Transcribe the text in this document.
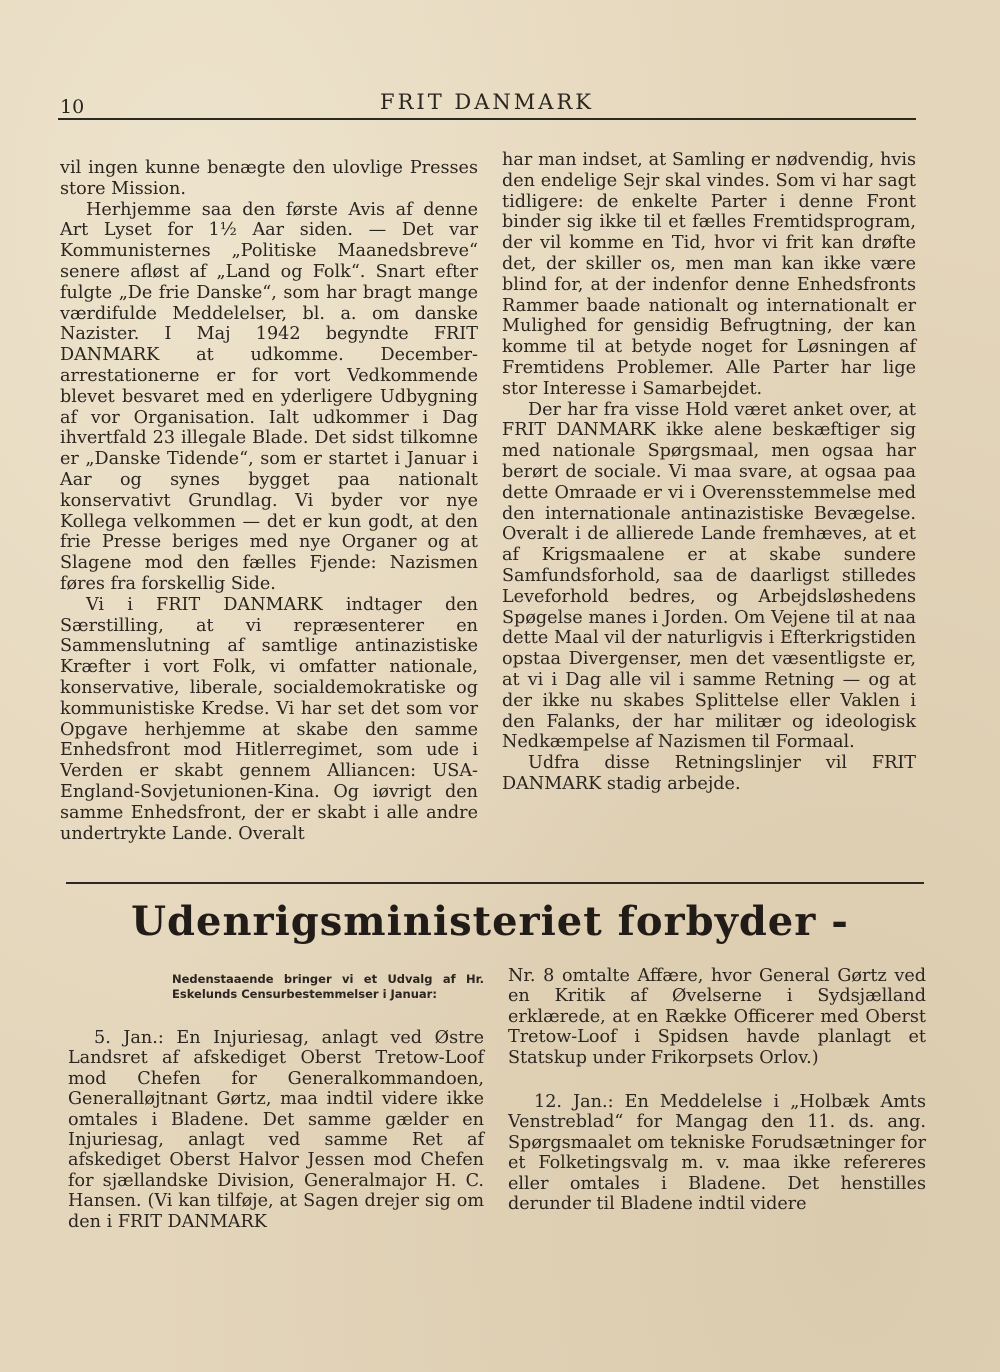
10	FRIT DANMARK

vil ingen kunne benægte den ulovlige Presses store Mission.

Herhjemme saa den første Avis af denne Art Lyset for 1½ Aar siden. — Det var Kommunisternes „Politiske Maanedsbreve“ senere afløst af „Land og Folk“. Snart efter fulgte „De frie Danske“, som har bragt mange værdifulde Meddelelser, bl. a. om danske Nazister. I Maj 1942 begyndte FRIT DANMARK at udkomme. December-arrestationerne er for vort Vedkommende blevet besvaret med en yderligere Udbygning af vor Organisation. Ialt udkommer i Dag ihvertfald 23 illegale Blade. Det sidst tilkomne er „Danske Tidende“, som er startet i Januar i Aar og synes bygget paa nationalt konservativt Grundlag. Vi byder vor nye Kollega velkommen — det er kun godt, at den frie Presse beriges med nye Organer og at Slagene mod den fælles Fjende: Nazismen føres fra forskellig Side.

Vi i FRIT DANMARK indtager den Særstilling, at vi repræsenterer en Sammenslutning af samtlige antinazistiske Kræfter i vort Folk, vi omfatter nationale, konservative, liberale, socialdemokratiske og kommunistiske Kredse. Vi har set det som vor Opgave herhjemme at skabe den samme Enhedsfront mod Hitlerregimet, som ude i Verden er skabt gennem Alliancen: USA-England-Sovjetunionen-Kina. Og iøvrigt den samme Enhedsfront, der er skabt i alle andre undertrykte Lande. Overalt

har man indset, at Samling er nødvendig, hvis den endelige Sejr skal vindes. Som vi har sagt tidligere: de enkelte Parter i denne Front binder sig ikke til et fælles Fremtidsprogram, der vil komme en Tid, hvor vi frit kan drøfte det, der skiller os, men man kan ikke være blind for, at der indenfor denne Enhedsfronts Rammer baade nationalt og internationalt er Mulighed for gensidig Befrugtning, der kan komme til at betyde noget for Løsningen af Fremtidens Problemer. Alle Parter har lige stor Interesse i Samarbejdet.

Der har fra visse Hold været anket over, at FRIT DANMARK ikke alene beskæftiger sig med nationale Spørgsmaal, men ogsaa har berørt de sociale. Vi maa svare, at ogsaa paa dette Omraade er vi i Overensstemmelse med den internationale antinazistiske Bevægelse. Overalt i de allierede Lande fremhæves, at et af Krigsmaalene er at skabe sundere Samfundsforhold, saa de daarligst stilledes Leveforhold bedres, og Arbejdsløshedens Spøgelse manes i Jorden. Om Vejene til at naa dette Maal vil der naturligvis i Efterkrigstiden opstaa Divergenser, men det væsentligste er, at vi i Dag alle vil i samme Retning — og at der ikke nu skabes Splittelse eller Vaklen i den Falanks, der har militær og ideologisk Nedkæmpelse af Nazismen til Formaal.

Udfra disse Retningslinjer vil FRIT DANMARK stadig arbejde.

Udenrigsministeriet forbyder -
Nedenstaaende bringer vi et Udvalg af Hr. Eskelunds Censurbestemmelser i Januar:

5. Jan.: En Injuriesag, anlagt ved Østre Landsret af afskediget Oberst Tretow-Loof mod Chefen for Generalkommandoen, Generalløjtnant Gørtz, maa indtil videre ikke omtales i Bladene. Det samme gælder en Injuriesag, anlagt ved samme Ret af afskediget Oberst Halvor Jessen mod Chefen for sjællandske Division, Generalmajor H. C. Hansen. (Vi kan tilføje, at Sagen drejer sig om den i FRIT DANMARK

Nr. 8 omtalte Affære, hvor General Gørtz ved en Kritik af Øvelserne i Sydsjælland erklærede, at en Række Officerer med Oberst Tretow-Loof i Spidsen havde planlagt et Statskup under Frikorpsets Orlov.)

12. Jan.: En Meddelelse i „Holbæk Amts Venstreblad“ for Mangag den 11. ds. ang. Spørgsmaalet om tekniske Forudsætninger for et Folketingsvalg m. v. maa ikke refereres eller omtales i Bladene. Det henstilles derunder til Bladene indtil videre
